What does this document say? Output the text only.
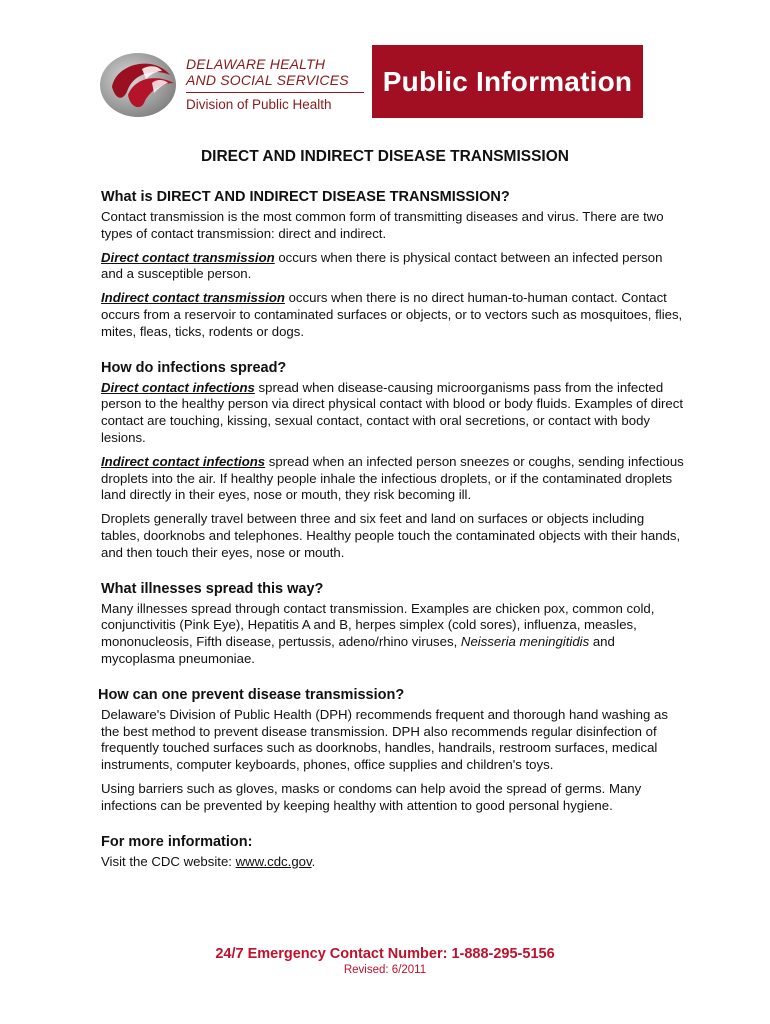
DELAWARE HEALTH
AND SOCIAL SERVICES
Division of Public Health
Public Information
DIRECT AND INDIRECT DISEASE TRANSMISSION
What is DIRECT AND INDIRECT DISEASE TRANSMISSION?

Contact transmission is the most common form of transmitting diseases and virus. There are two types of contact transmission: direct and indirect.

Direct contact transmission occurs when there is physical contact between an infected person and a susceptible person.

Indirect contact transmission occurs when there is no direct human-to-human contact. Contact occurs from a reservoir to contaminated surfaces or objects, or to vectors such as mosquitoes, flies, mites, fleas, ticks, rodents or dogs.

How do infections spread?

Direct contact infections spread when disease-causing microorganisms pass from the infected person to the healthy person via direct physical contact with blood or body fluids. Examples of direct contact are touching, kissing, sexual contact, contact with oral secretions, or contact with body lesions.

Indirect contact infections spread when an infected person sneezes or coughs, sending infectious droplets into the air. If healthy people inhale the infectious droplets, or if the contaminated droplets land directly in their eyes, nose or mouth, they risk becoming ill.

Droplets generally travel between three and six feet and land on surfaces or objects including tables, doorknobs and telephones. Healthy people touch the contaminated objects with their hands, and then touch their eyes, nose or mouth.

What illnesses spread this way?

Many illnesses spread through contact transmission. Examples are chicken pox, common cold, conjunctivitis (Pink Eye), Hepatitis A and B, herpes simplex (cold sores), influenza, measles, mononucleosis, Fifth disease, pertussis, adeno/rhino viruses, Neisseria meningitidis and mycoplasma pneumoniae.

How can one prevent disease transmission?

Delaware's Division of Public Health (DPH) recommends frequent and thorough hand washing as the best method to prevent disease transmission. DPH also recommends regular disinfection of frequently touched surfaces such as doorknobs, handles, handrails, restroom surfaces, medical instruments, computer keyboards, phones, office supplies and children's toys.

Using barriers such as gloves, masks or condoms can help avoid the spread of germs. Many infections can be prevented by keeping healthy with attention to good personal hygiene.

For more information:

Visit the CDC website: www.cdc.gov.

24/7 Emergency Contact Number: 1-888-295-5156
Revised: 6/2011
